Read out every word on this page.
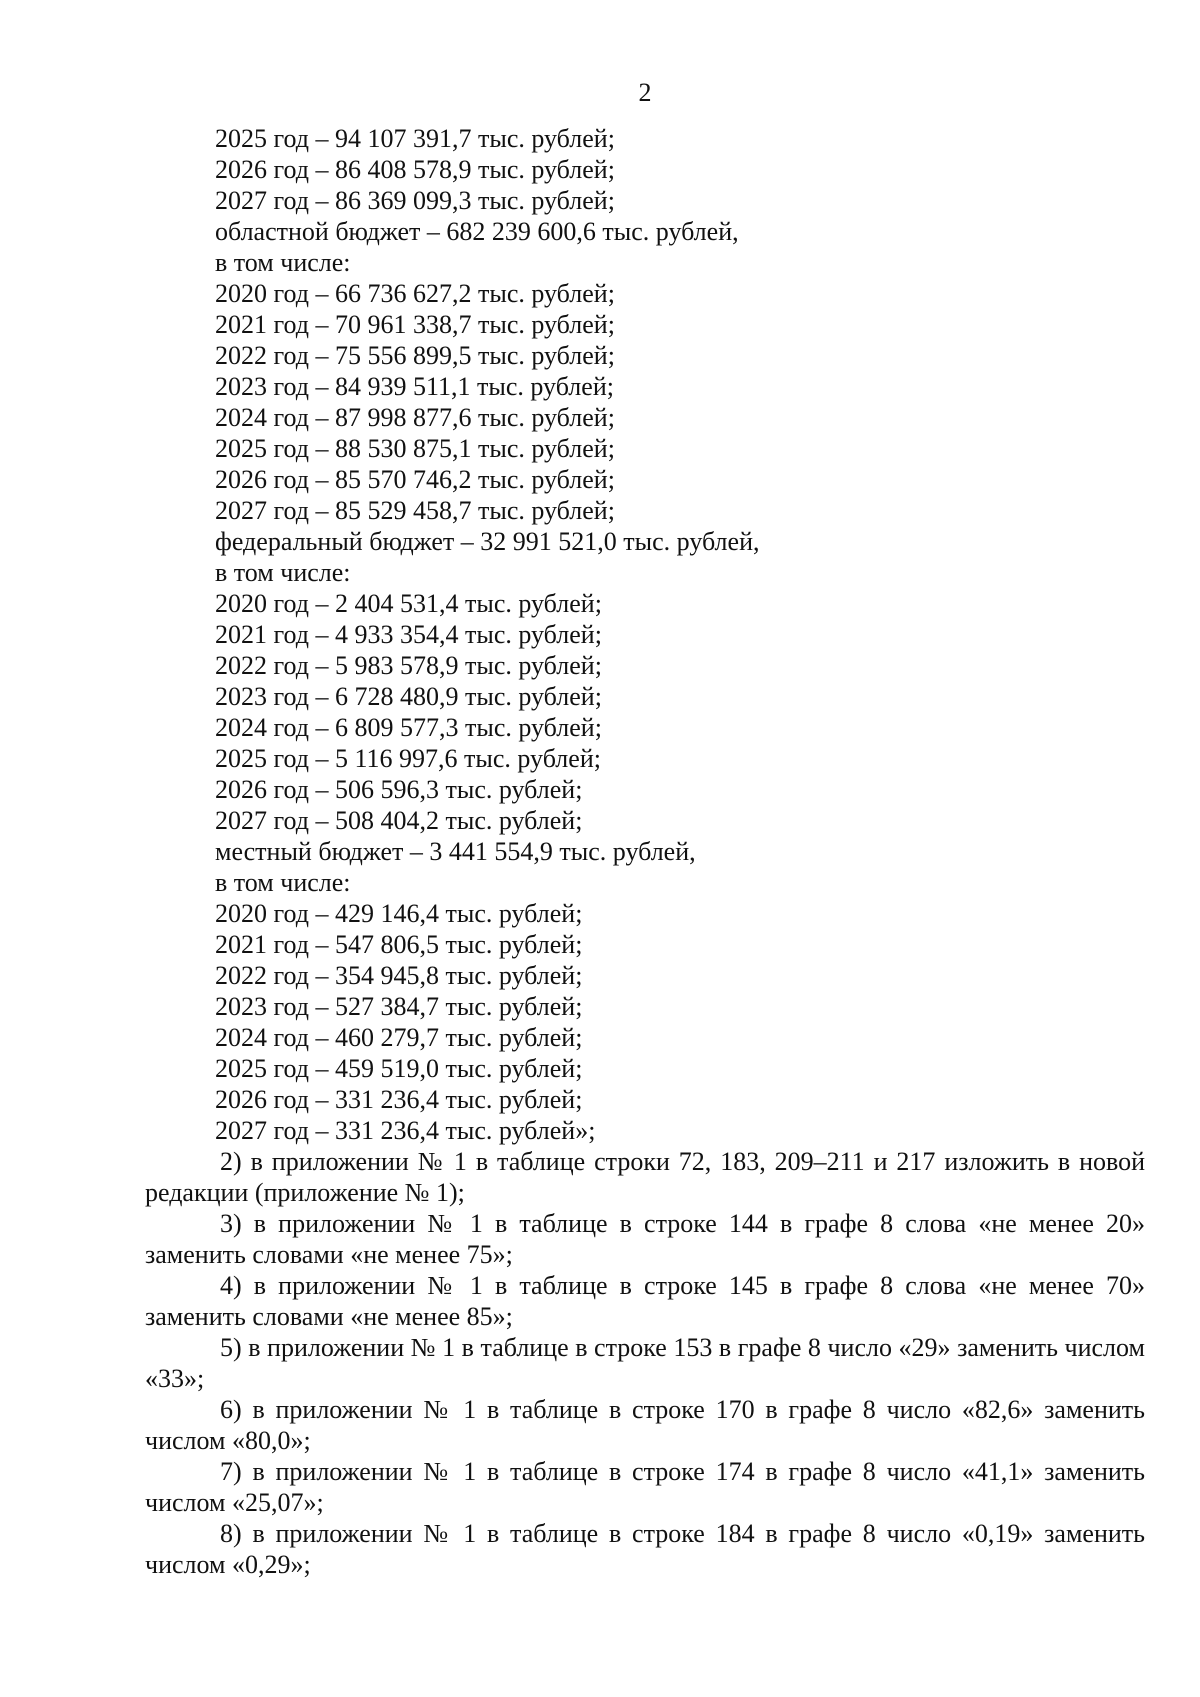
2
2025 год – 94 107 391,7 тыс. рублей;
2026 год – 86 408 578,9 тыс. рублей;
2027 год – 86 369 099,3 тыс. рублей;
областной бюджет – 682 239 600,6 тыс. рублей,
в том числе:
2020 год – 66 736 627,2 тыс. рублей;
2021 год – 70 961 338,7 тыс. рублей;
2022 год – 75 556 899,5 тыс. рублей;
2023 год – 84 939 511,1 тыс. рублей;
2024 год – 87 998 877,6 тыс. рублей;
2025 год – 88 530 875,1 тыс. рублей;
2026 год – 85 570 746,2 тыс. рублей;
2027 год – 85 529 458,7 тыс. рублей;
федеральный бюджет – 32 991 521,0 тыс. рублей,
в том числе:
2020 год – 2 404 531,4 тыс. рублей;
2021 год – 4 933 354,4 тыс. рублей;
2022 год – 5 983 578,9 тыс. рублей;
2023 год – 6 728 480,9 тыс. рублей;
2024 год – 6 809 577,3 тыс. рублей;
2025 год – 5 116 997,6 тыс. рублей;
2026 год – 506 596,3 тыс. рублей;
2027 год – 508 404,2 тыс. рублей;
местный бюджет – 3 441 554,9 тыс. рублей,
в том числе:
2020 год – 429 146,4 тыс. рублей;
2021 год – 547 806,5 тыс. рублей;
2022 год – 354 945,8 тыс. рублей;
2023 год – 527 384,7 тыс. рублей;
2024 год – 460 279,7 тыс. рублей;
2025 год – 459 519,0 тыс. рублей;
2026 год – 331 236,4 тыс. рублей;
2027 год – 331 236,4 тыс. рублей»;

2) в приложении № 1 в таблице строки 72, 183, 209–211 и 217 изложить в новой редакции (приложение № 1);

3) в приложении № 1 в таблице в строке 144 в графе 8 слова «не менее 20» заменить словами «не менее 75»;

4) в приложении № 1 в таблице в строке 145 в графе 8 слова «не менее 70» заменить словами «не менее 85»;

5) в приложении № 1 в таблице в строке 153 в графе 8 число «29» заменить числом «33»;

6) в приложении № 1 в таблице в строке 170 в графе 8 число «82,6» заменить числом «80,0»;

7) в приложении № 1 в таблице в строке 174 в графе 8 число «41,1» заменить числом «25,07»;

8) в приложении № 1 в таблице в строке 184 в графе 8 число «0,19» заменить числом «0,29»;
